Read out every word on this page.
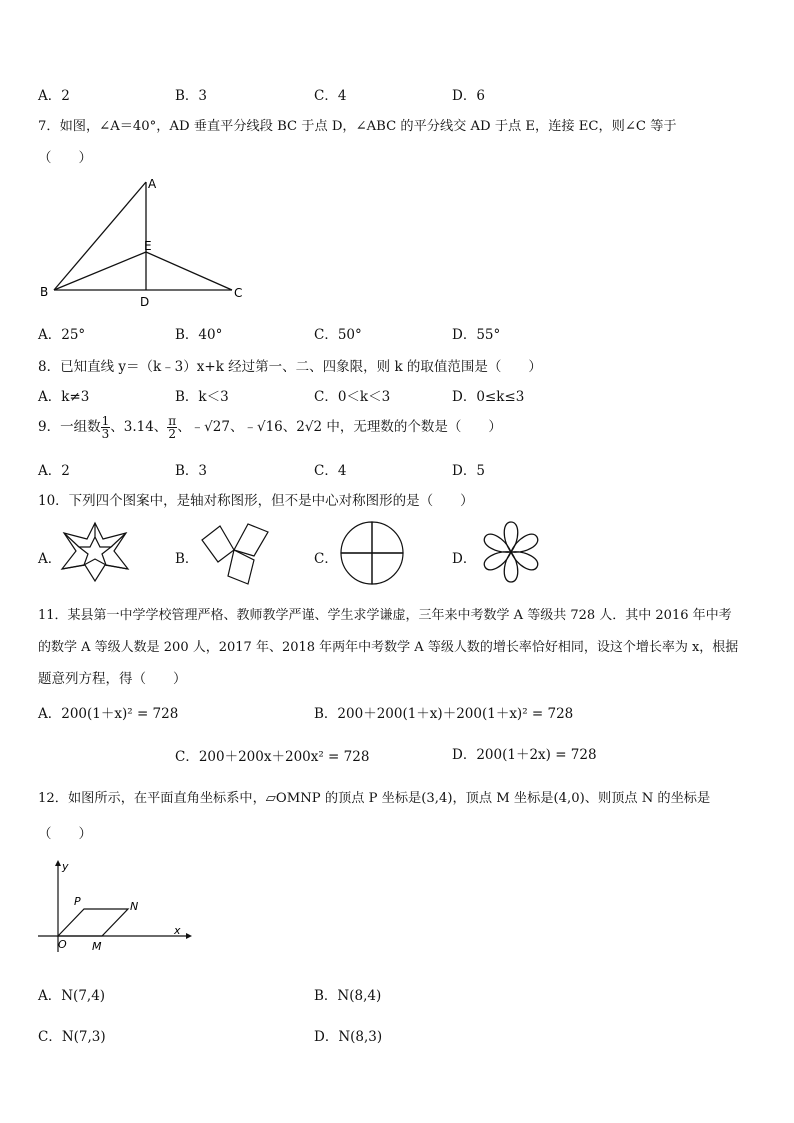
A．2	B．3	C．4	D．6
7．如图，∠A＝40°，AD 垂直平分线段 BC 于点 D，∠ABC 的平分线交 AD 于点 E，连接 EC，则∠C 等于
（　　）
A
E
B	C
D
A．25°	B．40°	C．50°	D．55°
8．已知直线 y＝（k﹣3）x+k 经过第一、二、四象限，则 k 的取值范围是（　　）
A．k≠3	B．k＜3	C．0＜k＜3	D．0≤k≤3
9．一组数 $\frac{1}{3}$ 、3.14、 $\frac{\pi}{2}$ 、﹣√27、﹣√16、2√2 中，无理数的个数是（　　）
A．2	B．3	C．4	D．5
10．下列四个图案中，是轴对称图形，但不是中心对称图形的是（　　）
A．	B．	C．	D．
11．某县第一中学学校管理严格、教师教学严谨、学生求学谦虚，三年来中考数学 A 等级共 728 人．其中 2016 年中考
的数学 A 等级人数是 200 人，2017 年、2018 年两年中考数学 A 等级人数的增长率恰好相同，设这个增长率为 x，根据
题意列方程，得（　　）
A．200(1＋x)² = 728	B．200＋200(1＋x)＋200(1＋x)² = 728
C．200＋200x＋200x² = 728	D．200(1＋2x) = 728
12．如图所示，在平面直角坐标系中，▱OMNP 的顶点 P 坐标是(3,4)，顶点 M 坐标是(4,0)、则顶点 N 的坐标是
（　　）
y
x
O
P	N
M
A．N(7,4)	B．N(8,4)
C．N(7,3)	D．N(8,3)
